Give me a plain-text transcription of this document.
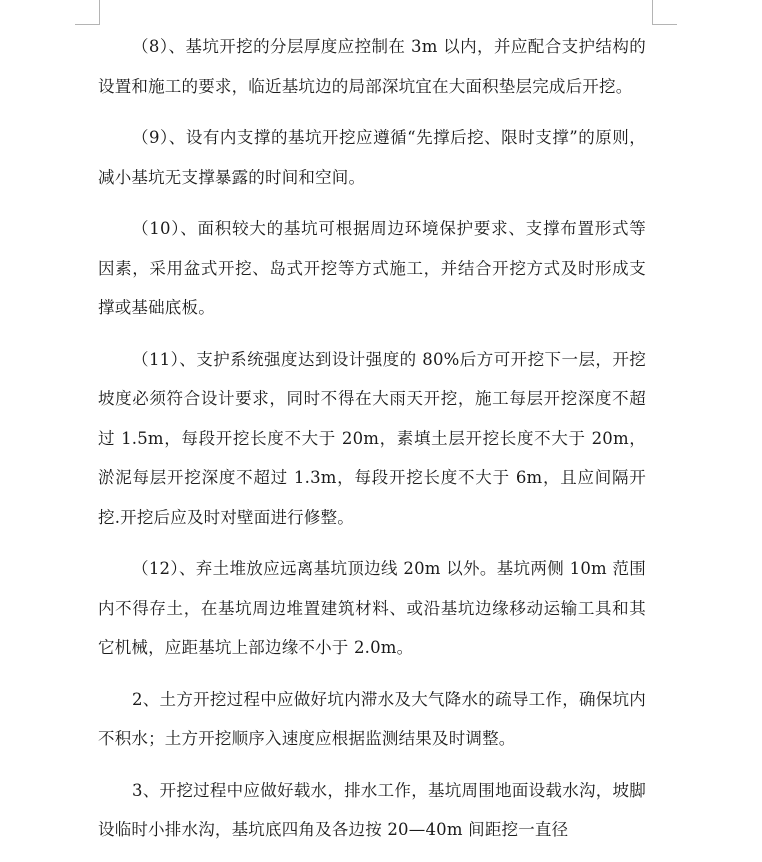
（8）、基坑开挖的分层厚度应控制在 3m 以内，并应配合支护结构的设置和施工的要求，临近基坑边的局部深坑宜在大面积垫层完成后开挖。

（9）、设有内支撑的基坑开挖应遵循“先撑后挖、限时支撑”的原则，减小基坑无支撑暴露的时间和空间。

（10）、面积较大的基坑可根据周边环境保护要求、支撑布置形式等因素，采用盆式开挖、岛式开挖等方式施工，并结合开挖方式及时形成支撑或基础底板。

（11）、支护系统强度达到设计强度的 80%后方可开挖下一层，开挖坡度必须符合设计要求，同时不得在大雨天开挖，施工每层开挖深度不超过 1.5m，每段开挖长度不大于 20m，素填土层开挖长度不大于 20m，淤泥每层开挖深度不超过 1.3m，每段开挖长度不大于 6m，且应间隔开挖.开挖后应及时对壁面进行修整。

（12）、弃土堆放应远离基坑顶边线 20m 以外。基坑两侧 10m 范围内不得存土，在基坑周边堆置建筑材料、或沿基坑边缘移动运输工具和其它机械，应距基坑上部边缘不小于 2.0m。

2、土方开挖过程中应做好坑内滞水及大气降水的疏导工作，确保坑内不积水；土方开挖顺序入速度应根据监测结果及时调整。

3、开挖过程中应做好载水，排水工作，基坑周围地面设载水沟，坡脚设临时小排水沟，基坑底四角及各边按 20—40m 间距挖一直径
